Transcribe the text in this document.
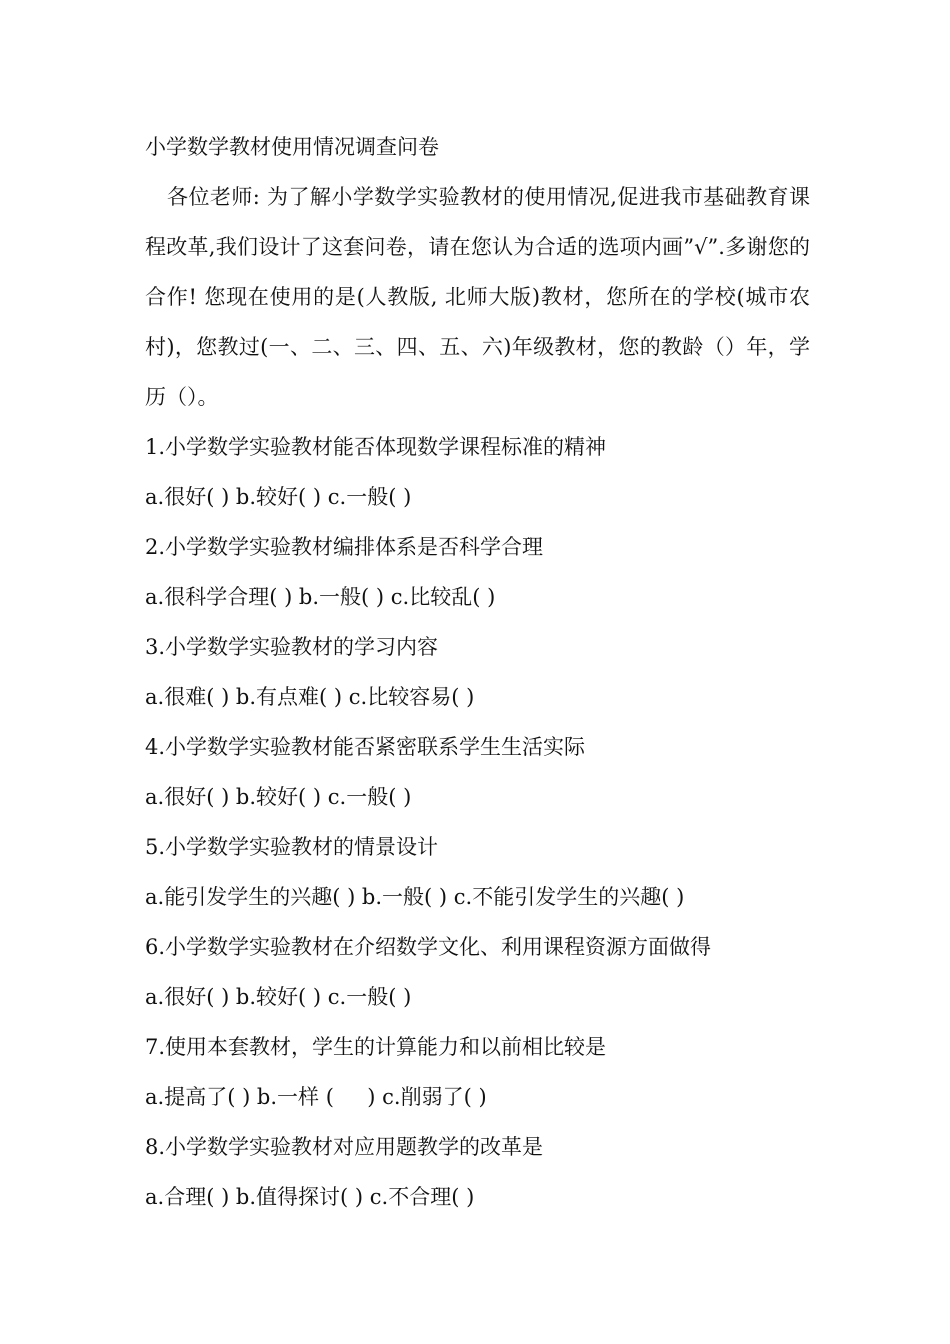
小学数学教材使用情况调查问卷
各位老师: 为了解小学数学实验教材的使用情况,促进我市基础教育课程改革,我们设计了这套问卷，请在您认为合适的选项内画”√”.多谢您的合作! 您现在使用的是(人教版, 北师大版)教材，您所在的学校(城市农村)，您教过(一、二、三、四、五、六)年级教材，您的教龄（）年，学历（）。
1.小学数学实验教材能否体现数学课程标准的精神
a.很好( ) b.较好( ) c.一般( )
2.小学数学实验教材编排体系是否科学合理
a.很科学合理( ) b.一般( ) c.比较乱( )
3.小学数学实验教材的学习内容
a.很难( ) b.有点难( ) c.比较容易( )
4.小学数学实验教材能否紧密联系学生生活实际
a.很好( ) b.较好( ) c.一般( )
5.小学数学实验教材的情景设计
a.能引发学生的兴趣( ) b.一般( ) c.不能引发学生的兴趣( )
6.小学数学实验教材在介绍数学文化、利用课程资源方面做得
a.很好( ) b.较好( ) c.一般( )
7.使用本套教材，学生的计算能力和以前相比较是
a.提高了( ) b.一样 (     ) c.削弱了( )
8.小学数学实验教材对应用题教学的改革是
a.合理( ) b.值得探讨( ) c.不合理( )
